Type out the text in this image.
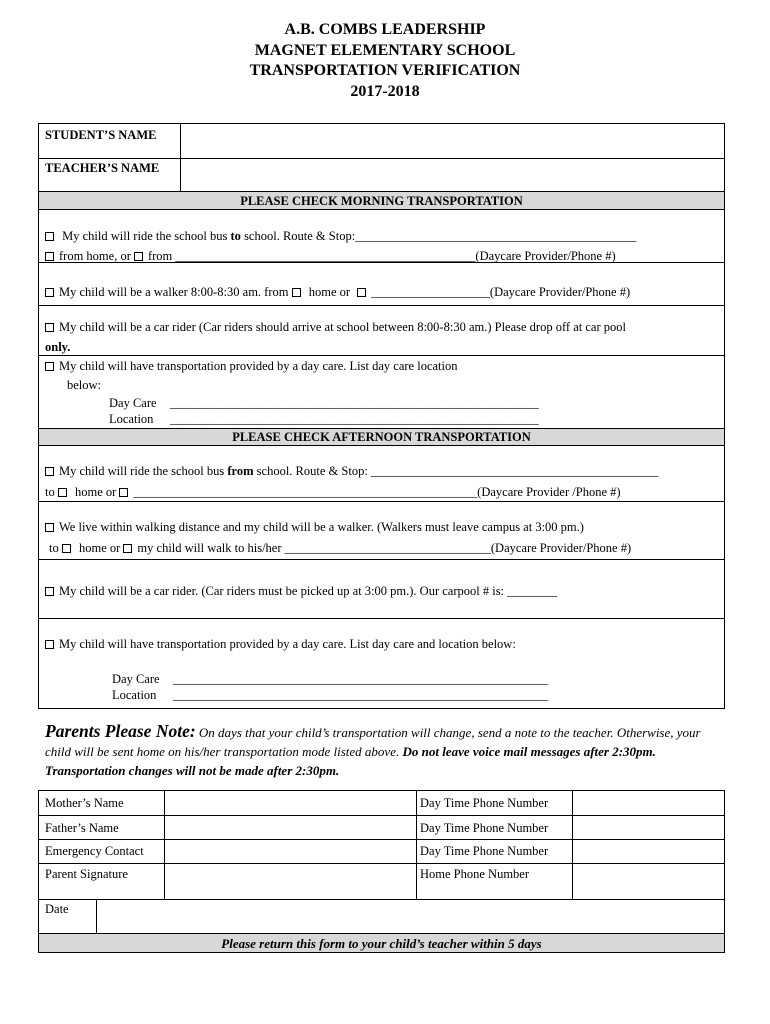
A.B. COMBS LEADERSHIP
MAGNET ELEMENTARY SCHOOL
TRANSPORTATION VERIFICATION
2017-2018
STUDENT’S NAME
TEACHER’S NAME
PLEASE CHECK MORNING TRANSPORTATION
My child will ride the school bus to school. Route & Stop:_____________________________________________
from home, or from ________________________________________________(Daycare Provider/Phone #)
My child will be a walker 8:00-8:30 am. from  home or ___________________(Daycare Provider/Phone #)
My child will be a car rider (Car riders should arrive at school between 8:00-8:30 am.) Please drop off at car pool
only.
My child will have transportation provided by a day care. List day care location
below:
Day Care
Location
___________________________________________________________
___________________________________________________________
PLEASE CHECK AFTERNOON TRANSPORTATION
My child will ride the school bus from school. Route & Stop: ______________________________________________
to  home or _______________________________________________________(Daycare Provider /Phone #)
We live within walking distance and my child will be a walker. (Walkers must leave campus at 3:00 pm.)
to  home or my child will walk to his/her _________________________________(Daycare Provider/Phone #)
My child will be a car rider. (Car riders must be picked up at 3:00 pm.). Our carpool # is: ________
My child will have transportation provided by a day care. List day care and location below:
Day Care
Location
____________________________________________________________
____________________________________________________________
Parents Please Note: On days that your child’s transportation will change, send a note to the teacher. Otherwise, your child will be sent home on his/her transportation mode listed above. Do not leave voice mail messages after 2:30pm. Transportation changes will not be made after 2:30pm.
Mother’s Name
Father’s Name
Emergency Contact
Parent Signature
Day Time Phone Number
Day Time Phone Number
Day Time Phone Number
Home Phone Number
Date
Please return this form to your child’s teacher within 5 days
